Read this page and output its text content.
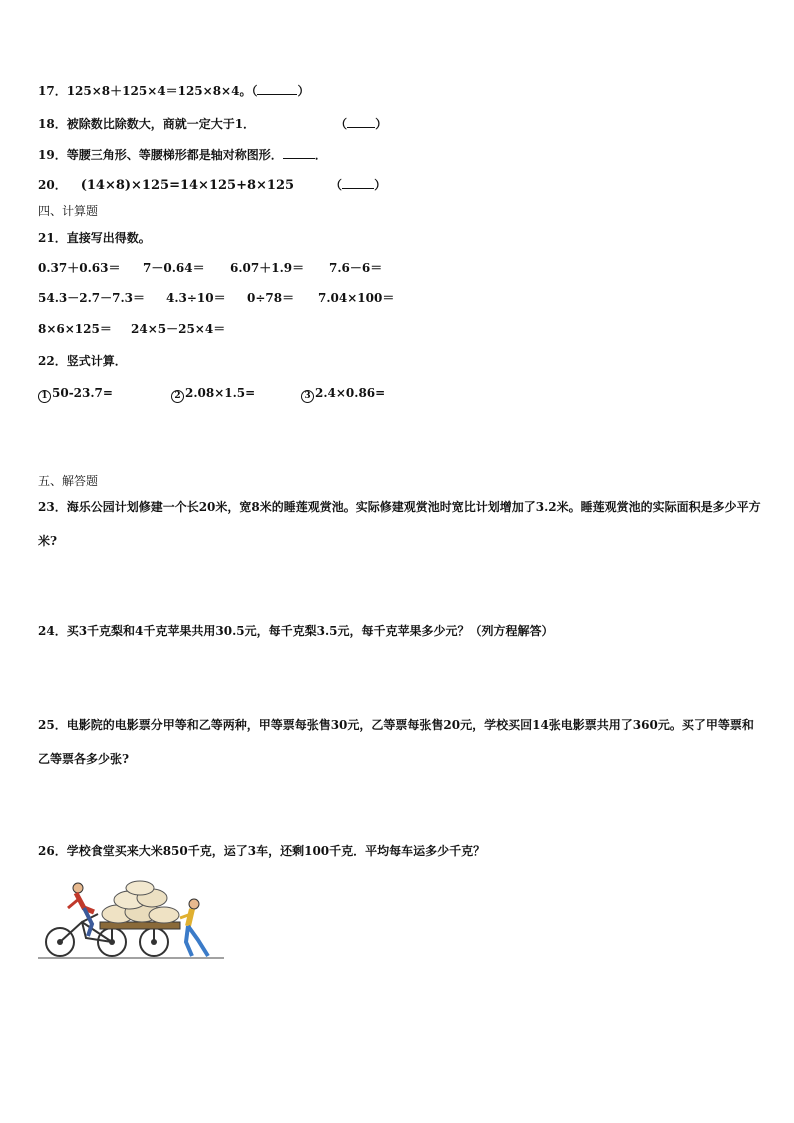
17．125×8＋125×4＝125×8×4。（	）
18．被除数比除数大，商就一定大于1．	（ ）
19．等腰三角形、等腰梯形都是轴对称图形．	．
20． (14×8)×125=14×125+8×125	（	）
四、计算题
21．直接写出得数。
0.37＋0.63＝ 7－0.64＝ 6.07＋1.9＝ 7.6－6＝
54.3－2.7－7.3＝ 4.3÷10＝ 0÷78＝ 7.04×100＝
8×6×125＝ 24×5－25×4＝
22．竖式计算．
1 50-23.7=	2 2.08×1.5=	3 2.4×0.86=
五、解答题
23．海乐公园计划修建一个长20米，宽8米的睡莲观赏池。实际修建观赏池时宽比计划增加了3.2米。睡莲观赏池的实际面积是多少平方米?
24．买3千克梨和4千克苹果共用30.5元，每千克梨3.5元，每千克苹果多少元？（列方程解答）
25．电影院的电影票分甲等和乙等两种，甲等票每张售30元，乙等票每张售20元，学校买回14张电影票共用了360元。买了甲等票和乙等票各多少张?
26．学校食堂买来大米850千克，运了3车，还剩100千克．平均每车运多少千克？
